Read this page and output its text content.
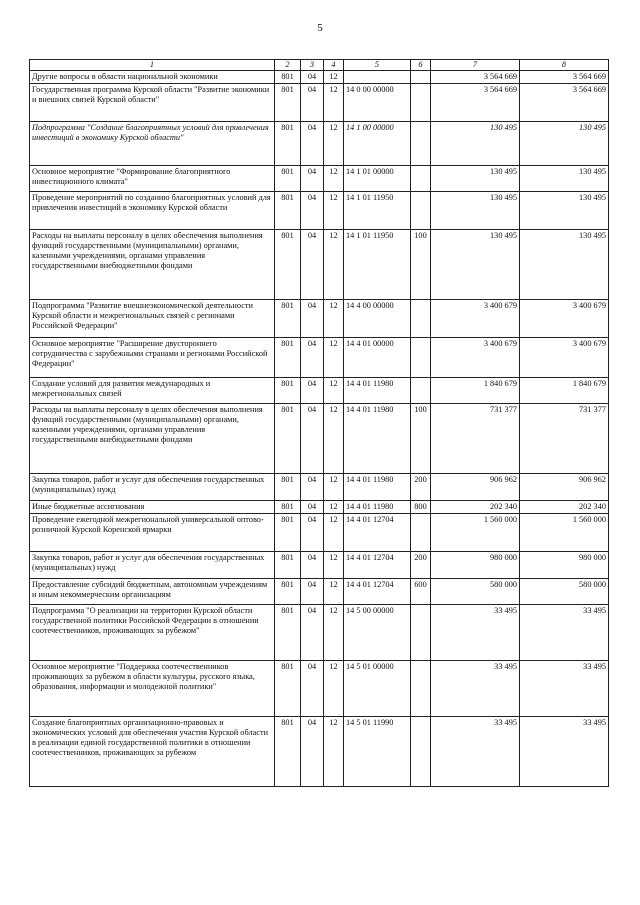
5
1	2	3	4	5	6	7	8
Другие вопросы в области национальной экономики	801	04	12			3 564 669	3 564 669
Государственная программа Курской области "Развитие экономики и внешних связей Курской области"	801	04	12	14 0 00 00000		3 564 669	3 564 669
Подпрограмма "Создание благоприятных условий для привлечения инвестиций в экономику Курской области"	801	04	12	14 1 00 00000		130 495	130 495
Основное мероприятие "Формирование благоприятного инвестиционного климата"	801	04	12	14 1 01 00000		130 495	130 495
Проведение мероприятий по созданию благоприятных условий для привлечения инвестиций в экономику Курской области	801	04	12	14 1 01 11950		130 495	130 495
Расходы на выплаты персоналу в целях обеспечения выполнения функций государственными (муниципальными) органами, казенными учреждениями, органами управления государственными внебюджетными фондами	801	04	12	14 1 01 11950	100	130 495	130 495
Подпрограмма "Развитие внешнеэкономической деятельности Курской области и межрегиональных связей с регионами Российской Федерации"	801	04	12	14 4 00 00000		3 400 679	3 400 679
Основное мероприятие "Расширение двустороннего сотрудничества с зарубежными странами и регионами Российской Федерации"	801	04	12	14 4 01 00000		3 400 679	3 400 679
Создание условий для развития международных и межрегиональных связей	801	04	12	14 4 01 11980		1 840 679	1 840 679
Расходы на выплаты персоналу в целях обеспечения выполнения функций государственными (муниципальными) органами, казенными учреждениями, органами управления государственными внебюджетными фондами	801	04	12	14 4 01 11980	100	731 377	731 377
Закупка товаров, работ и услуг для обеспечения государственных (муниципальных) нужд	801	04	12	14 4 01 11980	200	906 962	906 962
Иные бюджетные ассигнования	801	04	12	14 4 01 11980	800	202 340	202 340
Проведение ежегодной межрегиональной универсальной оптово-розничной Курской Коренской ярмарки	801	04	12	14 4 01 12704		1 560 000	1 560 000
Закупка товаров, работ и услуг для обеспечения государственных (муниципальных) нужд	801	04	12	14 4 01 12704	200	980 000	980 000
Предоставление субсидий бюджетным, автономным учреждениям и иным некоммерческим организациям	801	04	12	14 4 01 12704	600	580 000	580 000
Подпрограмма "О реализации на территории Курской области государственной политики Российской Федерации в отношении соотечественников, проживающих за рубежом"	801	04	12	14 5 00 00000		33 495	33 495
Основное мероприятие "Поддержка соотечественников проживающих за рубежом в области культуры, русского языка, образования, информации и молодежной политики"	801	04	12	14 5 01 00000		33 495	33 495
Создание благоприятных организационно-правовых и экономических условий для обеспечения участия Курской области в реализации единой государственной политики в отношении соотечественников, проживающих за рубежом	801	04	12	14 5 01 11990		33 495	33 495
